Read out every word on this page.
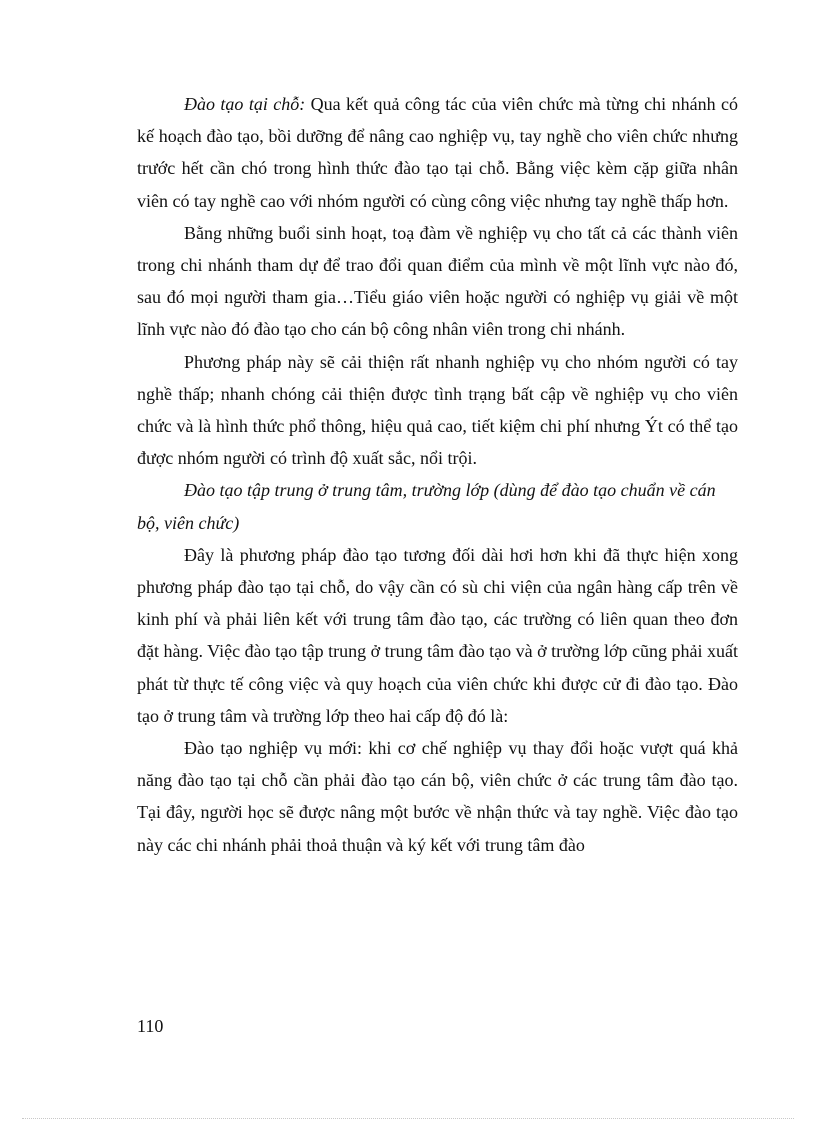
Đào tạo tại chỗ: Qua kết quả công tác của viên chức mà từng chi nhánh có kế hoạch đào tạo, bồi dưỡng để nâng cao nghiệp vụ, tay nghề cho viên chức nhưng trước hết cần chó trong hình thức đào tạo tại chỗ. Bằng việc kèm cặp giữa nhân viên có tay nghề cao với nhóm người có cùng công việc nhưng tay nghề thấp hơn.

Bằng những buổi sinh hoạt, toạ đàm về nghiệp vụ cho tất cả các thành viên trong chi nhánh tham dự để trao đổi quan điểm của mình về một lĩnh vực nào đó, sau đó mọi người tham gia…Tiểu giáo viên hoặc người có nghiệp vụ giải về một lĩnh vực nào đó đào tạo cho cán bộ công nhân viên trong chi nhánh.

Phương pháp này sẽ cải thiện rất nhanh nghiệp vụ cho nhóm người có tay nghề thấp; nhanh chóng cải thiện được tình trạng bất cập về nghiệp vụ cho viên chức và là hình thức phổ thông, hiệu quả cao, tiết kiệm chi phí nhưng Ýt có thể tạo được nhóm người có trình độ xuất sắc, nổi trội.

Đào tạo tập trung ở trung tâm, trường lớp (dùng để đào tạo chuẩn về cán bộ, viên chức)

Đây là phương pháp đào tạo tương đối dài hơi hơn khi đã thực hiện xong phương pháp đào tạo tại chỗ, do vậy cần có sù chi viện của ngân hàng cấp trên về kinh phí và phải liên kết với trung tâm đào tạo, các trường có liên quan theo đơn đặt hàng. Việc đào tạo tập trung ở trung tâm đào tạo và ở trường lớp cũng phải xuất phát từ thực tế công việc và quy hoạch của viên chức khi được cử đi đào tạo. Đào tạo ở trung tâm và trường lớp theo hai cấp độ đó là:

Đào tạo nghiệp vụ mới: khi cơ chế nghiệp vụ thay đổi hoặc vượt quá khả năng đào tạo tại chỗ cần phải đào tạo cán bộ, viên chức ở các trung tâm đào tạo. Tại đây, người học sẽ được nâng một bước về nhận thức và tay nghề. Việc đào tạo này các chi nhánh phải thoả thuận và ký kết với trung tâm đào

110
